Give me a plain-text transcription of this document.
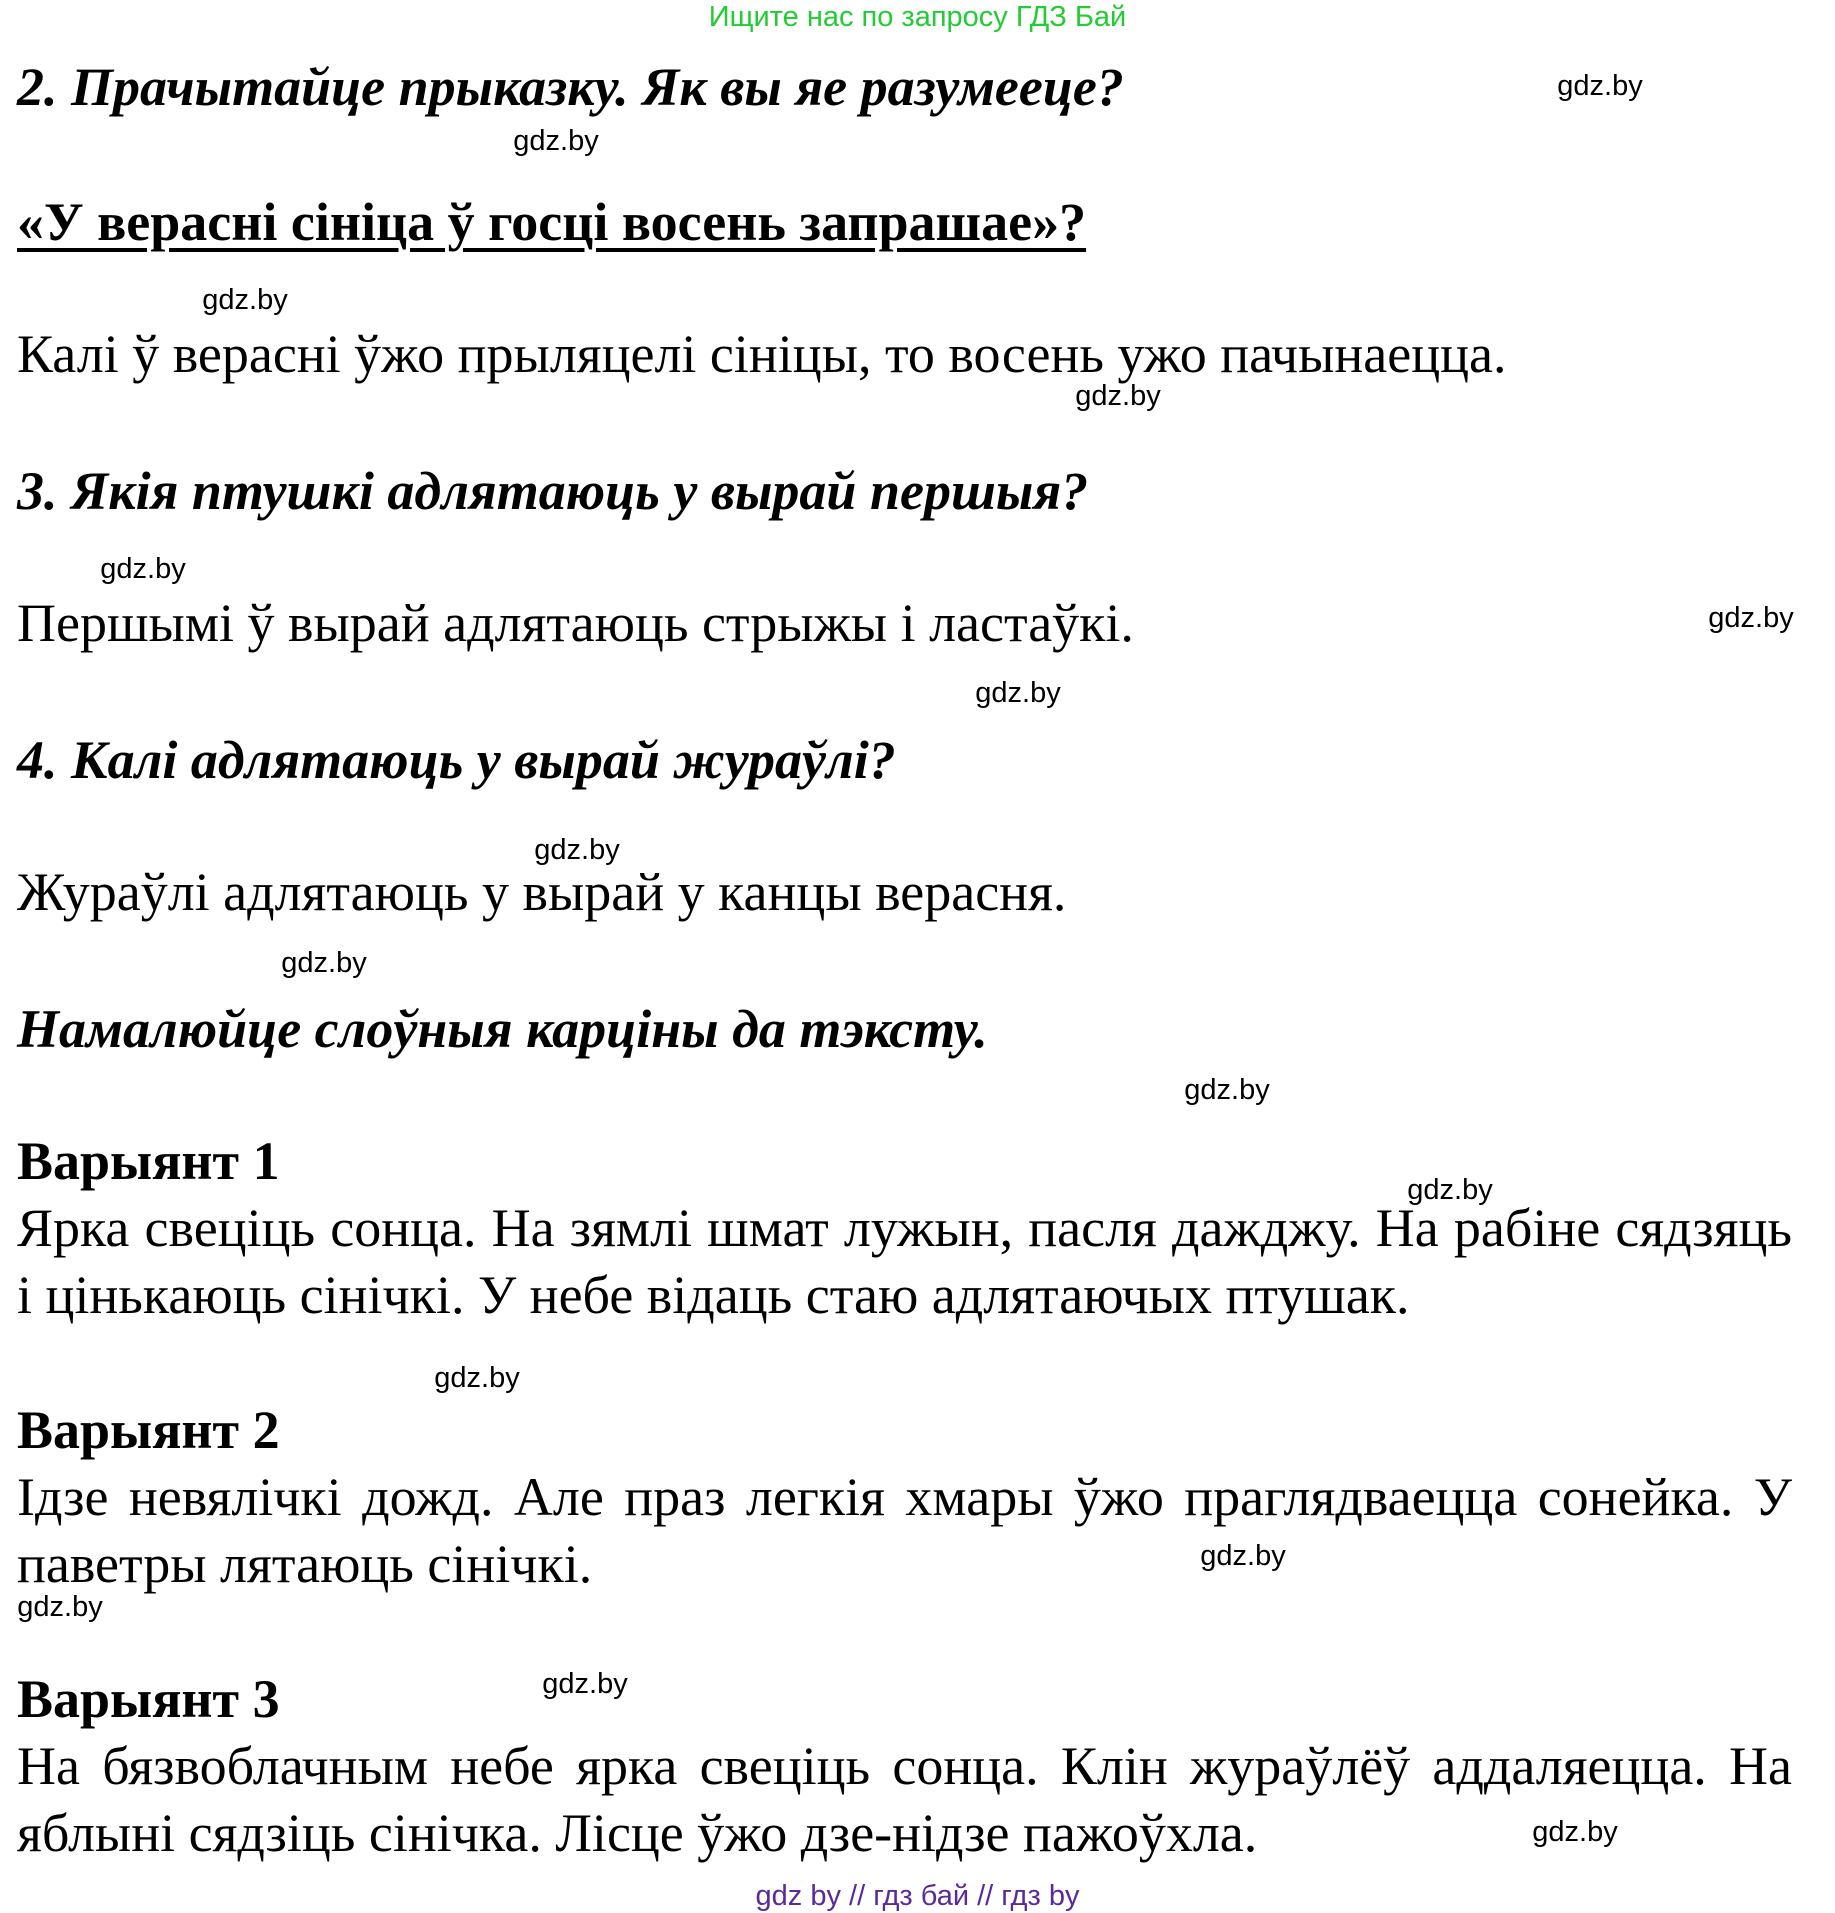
Ищите нас по запросу ГДЗ Бай
2. Прачытайце прыказку. Як вы яе разумееце?
«У верасні сініца ў госці восень запрашае»?
Калі ў верасні ўжо прыляцелі сініцы, то восень ужо пачынаецца.
3. Якія птушкі адлятаюць у вырай першыя?
Першымі ў вырай адлятаюць стрыжы і ластаўкі.
4. Калі адлятаюць у вырай жураўлі?
Жураўлі адлятаюць у вырай у канцы верасня.
Намалюйце слоўныя карціны да тэксту.
Варыянт 1
Ярка свеціць сонца. На зямлі шмат лужын, пасля дажджу. На рабіне сядзяць і цінькаюць сінічкі. У небе відаць стаю адлятаючых птушак.
Варыянт 2
Ідзе невялічкі дожд. Але праз легкія хмары ўжо праглядваецца сонейка. У паветры лятаюць сінічкі.
Варыянт 3
На бязвоблачным небе ярка свеціць сонца. Клін жураўлёў аддаляецца. На яблыні сядзіць сінічка. Лісце ўжо дзе-нідзе пажоўхла.
gdz.by
gdz.by
gdz.by
gdz.by
gdz.by
gdz.by
gdz.by
gdz.by
gdz.by
gdz.by
gdz.by
gdz.by
gdz.by
gdz.by
gdz.by
gdz.by
gdz by // гдз бай // гдз by
